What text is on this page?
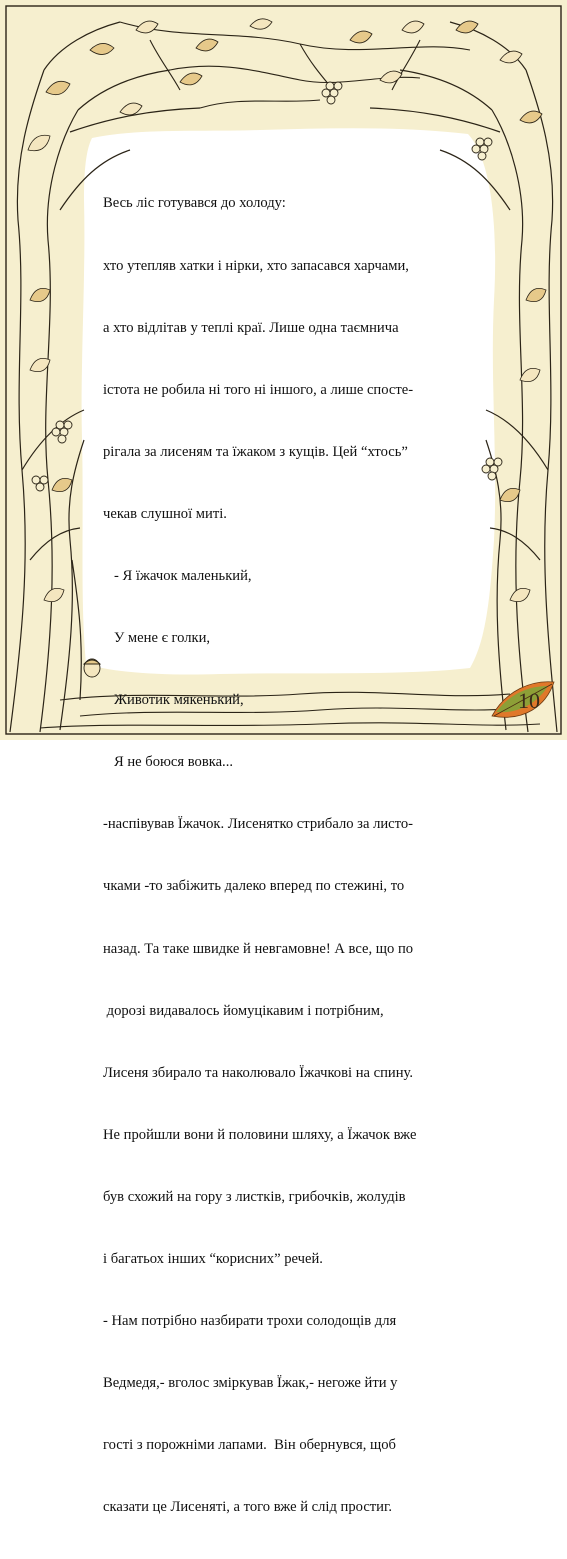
Весь ліс готувався до холоду:

хто утепляв хатки і нірки, хто запасався харчами,

а хто відлітав у теплі краї. Лише одна таємнича

істота не робила ні того ні іншого, а лише спосте-

рігала за лисеням та їжаком з кущів. Цей “хтось”

чекав слушної миті.

- Я їжачок маленький,

У мене є голки,

Животик мякенький,

Я не боюся вовка...

-наспівував Їжачок. Лисенятко стрибало за листо-

чками -то забіжить далеко вперед по стежині, то

назад. Та таке швидке й невгамовне! А все, що по

дорозі видавалось йомуцікавим і потрібним,

Лисеня збирало та наколювало Їжачкові на спину.

Не пройшли вони й половини шляху, а Їжачок вже

був схожий на гору з листків, грибочків, жолудів

і багатьох інших “корисних” речей.

- Нам потрібно назбирати трохи солодощів для

Ведмедя,- вголос зміркував Їжак,- негоже йти у

гості з порожніми лапами.  Він обернувся, щоб

сказати це Лисеняті, а того вже й слід простиг.

10
